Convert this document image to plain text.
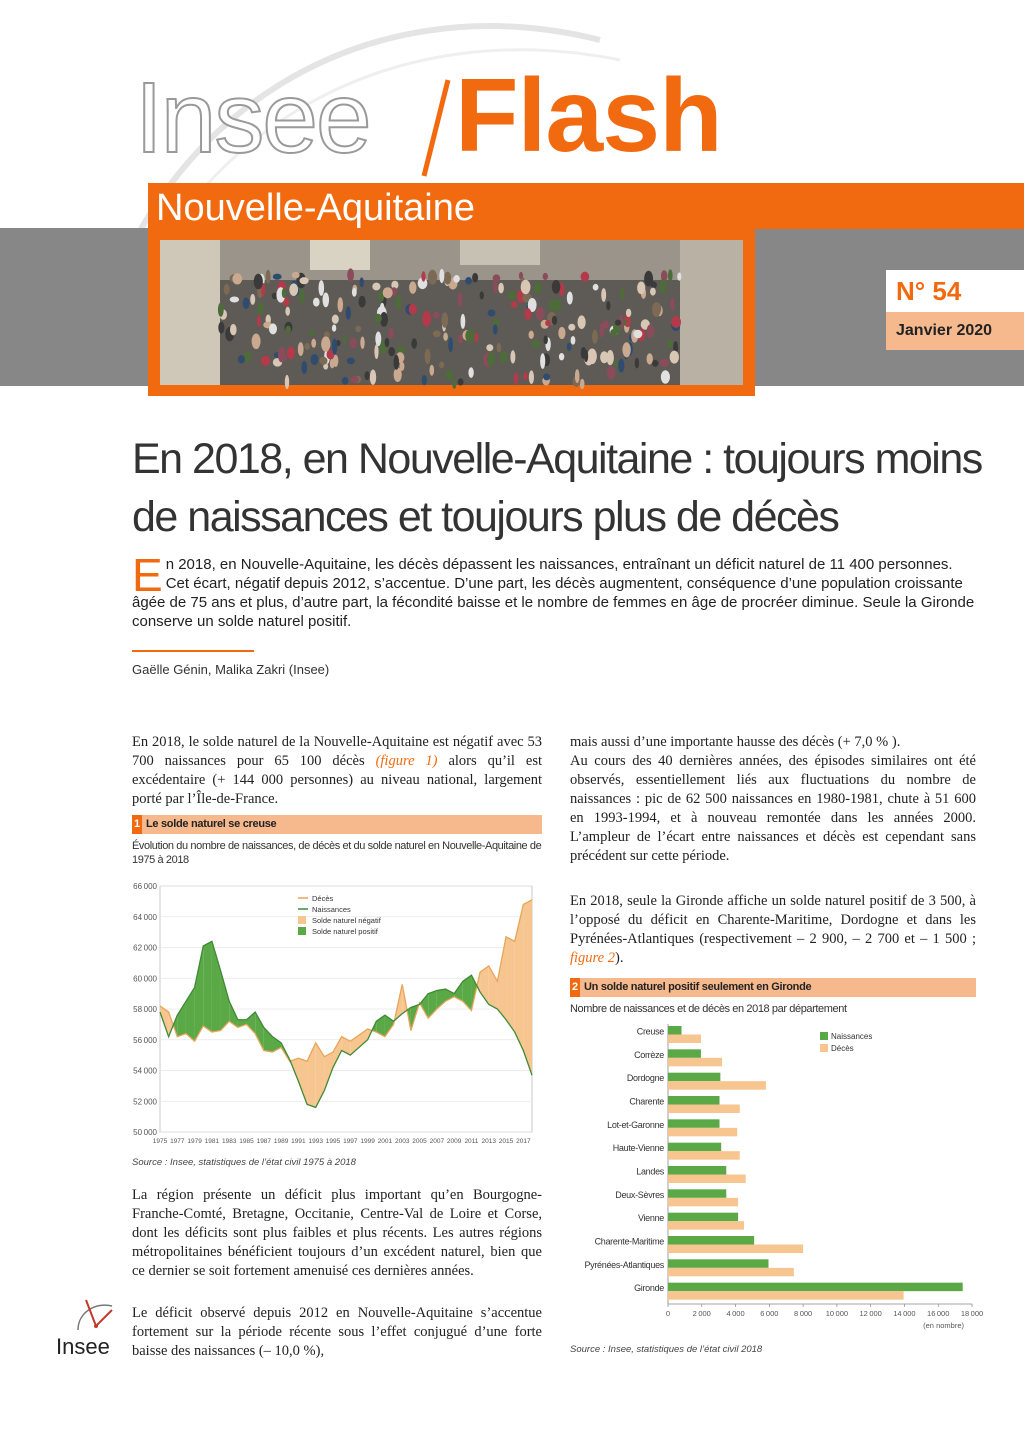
Insee Flash
Nouvelle-Aquitaine
N° 54
Janvier 2020
En 2018, en Nouvelle-Aquitaine : toujours moins de naissances et toujours plus de décès
En 2018, en Nouvelle-Aquitaine, les décès dépassent les naissances, entraînant un déficit naturel de 11 400 personnes. Cet écart, négatif depuis 2012, s’accentue. D’une part, les décès augmentent, conséquence d’une population croissante âgée de 75 ans et plus, d’autre part, la fécondité baisse et le nombre de femmes en âge de procréer diminue. Seule la Gironde conserve un solde naturel positif.
Gaëlle Génin, Malika Zakri (Insee)

En 2018, le solde naturel de la Nouvelle-Aquitaine est négatif avec 53 700 naissances pour 65 100 décès (figure 1) alors qu’il est excédentaire (+ 144 000 personnes) au niveau national, largement porté par l’Île-de-France.

1 Le solde naturel se creuse
Évolution du nombre de naissances, de décès et du solde naturel en Nouvelle-Aquitaine de 1975 à 2018
50 000
52 000
54 000
56 000
58 000
60 000
62 000
64 000
66 000
1975 1977 1979 1981 1983 1985 1987 1989 1991 1993 1995 1997 1999 2001 2003 2005 2007 2009 2011 2013 2015 2017
Décès
Naissances
Solde naturel négatif
Solde naturel positif
Source : Insee, statistiques de l’état civil 1975 à 2018

La région présente un déficit plus important qu’en Bourgogne-Franche-Comté, Bretagne, Occitanie, Centre-Val de Loire et Corse, dont les déficits sont plus faibles et plus récents. Les autres régions métropolitaines bénéficient toujours d’un excédent naturel, bien que ce dernier se soit fortement amenuisé ces dernières années.

Le déficit observé depuis 2012 en Nouvelle-Aquitaine s’accentue fortement sur la période récente sous l’effet conjugué d’une forte baisse des naissances (– 10,0 %),

mais aussi d’une importante hausse des décès (+ 7,0 % ).

Au cours des 40 dernières années, des épisodes similaires ont été observés, essentiellement liés aux fluctuations du nombre de naissances : pic de 62 500 naissances en 1980-1981, chute à 51 600 en 1993-1994, et à nouveau remontée dans les années 2000. L’ampleur de l’écart entre naissances et décès est cependant sans précédent sur cette période.

En 2018, seule la Gironde affiche un solde naturel positif de 3 500, à l’opposé du déficit en Charente-Maritime, Dordogne et dans les Pyrénées-Atlantiques (respectivement – 2 900, – 2 700 et – 1 500 ; figure 2).

2 Un solde naturel positif seulement en Gironde
Nombre de naissances et de décès en 2018 par département
Creuse
Corrèze
Dordogne
Charente
Lot-et-Garonne
Haute-Vienne
Landes
Deux-Sèvres
Vienne
Charente-Maritime
Pyrénées-Atlantiques
Gironde
0	2 000 4 000 6 000 8 000 10 000 12 000 14 000 16 000 18 000
(en nombre)
Naissances
Décès
Source : Insee, statistiques de l’état civil 2018
Insee
